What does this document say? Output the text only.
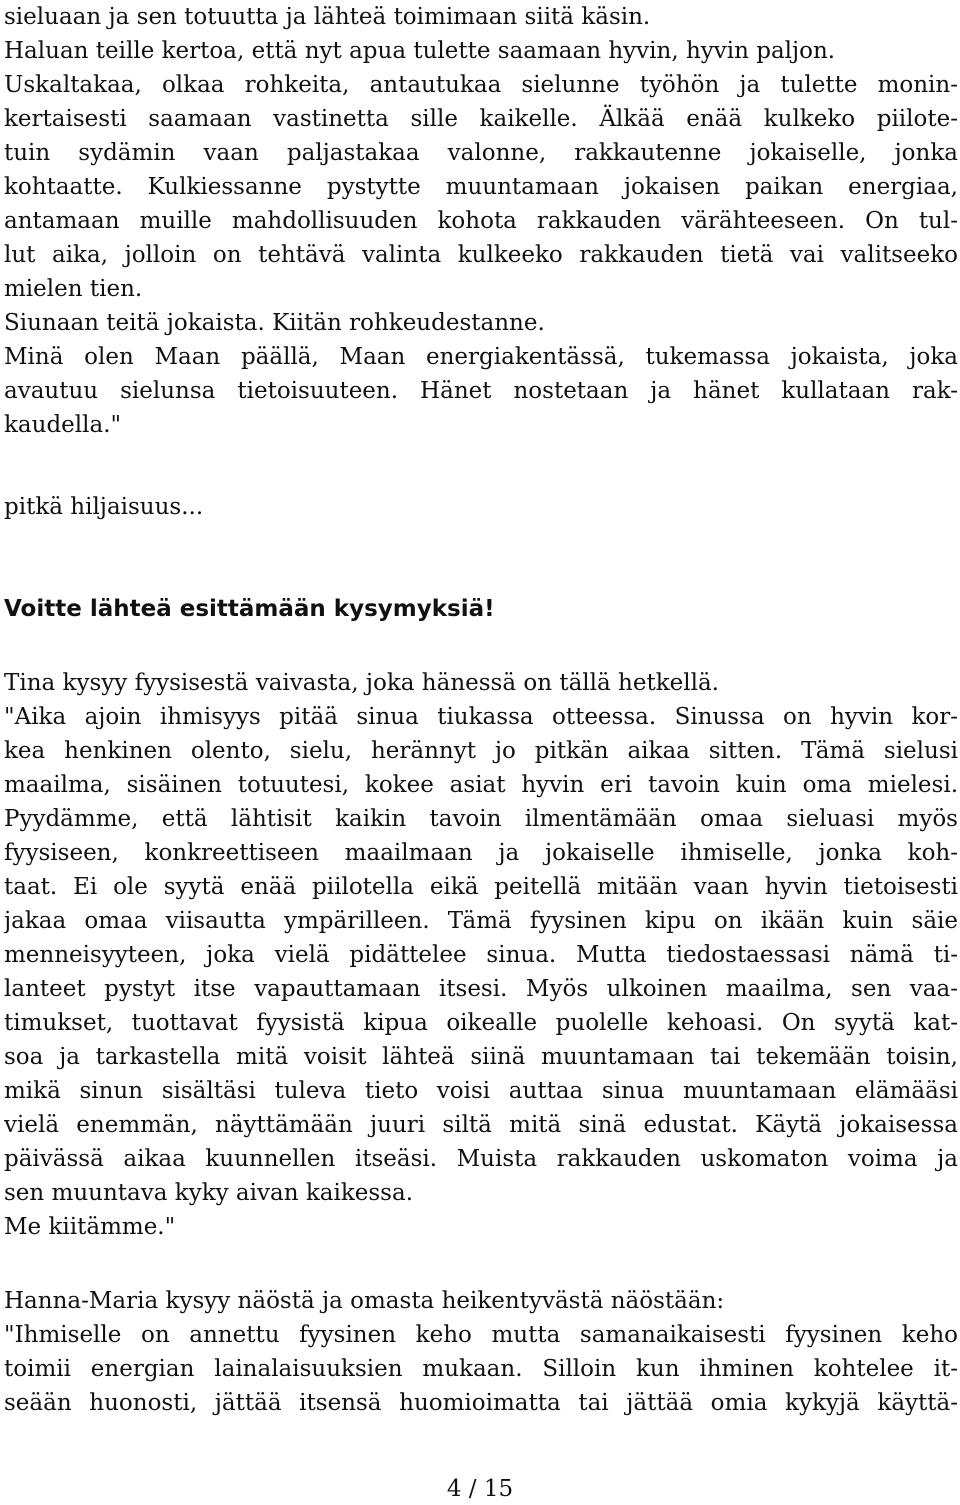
sieluaan ja sen totuutta ja lähteä toimimaan siitä käsin.
Haluan teille kertoa, että nyt apua tulette saamaan hyvin, hyvin paljon.
Uskaltakaa, olkaa rohkeita, antautukaa sielunne työhön ja tulette monin-
kertaisesti saamaan vastinetta sille kaikelle. Älkää enää kulkeko piilote-
tuin sydämin vaan paljastakaa valonne, rakkautenne jokaiselle, jonka
kohtaatte. Kulkiessanne pystytte muuntamaan jokaisen paikan energiaa,
antamaan muille mahdollisuuden kohota rakkauden värähteeseen. On tul-
lut aika, jolloin on tehtävä valinta kulkeeko rakkauden tietä vai valitseeko
mielen tien.
Siunaan teitä jokaista. Kiitän rohkeudestanne.
Minä olen Maan päällä, Maan energiakentässä, tukemassa jokaista, joka
avautuu sielunsa tietoisuuteen. Hänet nostetaan ja hänet kullataan rak-
kaudella."
pitkä hiljaisuus...
Voitte lähteä esittämään kysymyksiä!
Tina kysyy fyysisestä vaivasta, joka hänessä on tällä hetkellä.
"Aika ajoin ihmisyys pitää sinua tiukassa otteessa. Sinussa on hyvin kor-
kea henkinen olento, sielu, herännyt jo pitkän aikaa sitten. Tämä sielusi
maailma, sisäinen totuutesi, kokee asiat hyvin eri tavoin kuin oma mielesi.
Pyydämme, että lähtisit kaikin tavoin ilmentämään omaa sieluasi myös
fyysiseen, konkreettiseen maailmaan ja jokaiselle ihmiselle, jonka koh-
taat. Ei ole syytä enää piilotella eikä peitellä mitään vaan hyvin tietoisesti
jakaa omaa viisautta ympärilleen. Tämä fyysinen kipu on ikään kuin säie
menneisyyteen, joka vielä pidättelee sinua. Mutta tiedostaessasi nämä ti-
lanteet pystyt itse vapauttamaan itsesi. Myös ulkoinen maailma, sen vaa-
timukset, tuottavat fyysistä kipua oikealle puolelle kehoasi. On syytä kat-
soa ja tarkastella mitä voisit lähteä siinä muuntamaan tai tekemään toisin,
mikä sinun sisältäsi tuleva tieto voisi auttaa sinua muuntamaan elämääsi
vielä enemmän, näyttämään juuri siltä mitä sinä edustat. Käytä jokaisessa
päivässä aikaa kuunnellen itseäsi. Muista rakkauden uskomaton voima ja
sen muuntava kyky aivan kaikessa.
Me kiitämme."
Hanna-Maria kysyy näöstä ja omasta heikentyvästä näöstään:
"Ihmiselle on annettu fyysinen keho mutta samanaikaisesti fyysinen keho
toimii energian lainalaisuuksien mukaan. Silloin kun ihminen kohtelee it-
seään huonosti, jättää itsensä huomioimatta tai jättää omia kykyjä käyttä-
4 / 15
